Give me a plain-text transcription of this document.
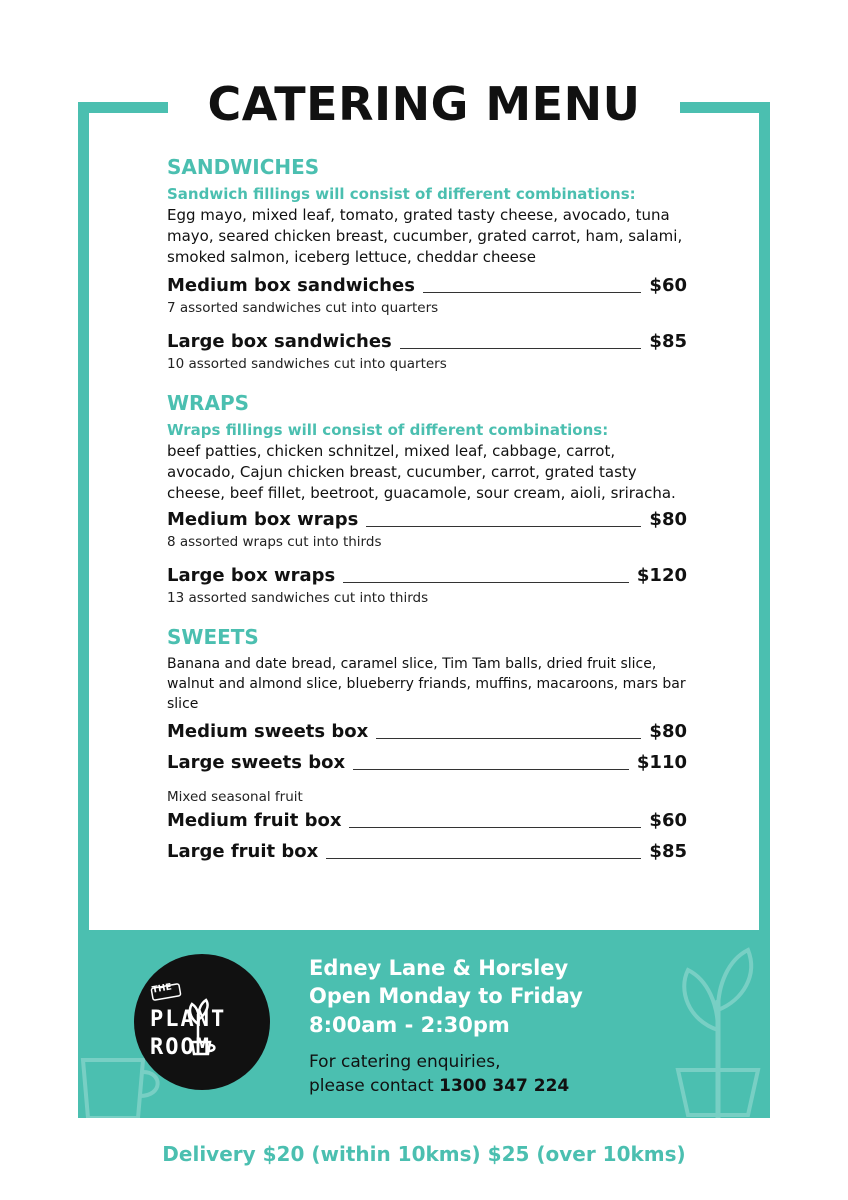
CATERING MENU

SANDWICHES

Sandwich fillings will consist of different combinations:

Egg mayo, mixed leaf, tomato, grated tasty cheese, avocado, tuna mayo, seared chicken breast, cucumber, grated carrot, ham, salami, smoked salmon, iceberg lettuce, cheddar cheese

Medium box sandwiches	$60

7 assorted sandwiches cut into quarters

Large box sandwiches	$85

10 assorted sandwiches cut into quarters

WRAPS

Wraps fillings will consist of different combinations:

beef patties, chicken schnitzel, mixed leaf, cabbage, carrot, avocado, Cajun chicken breast, cucumber, carrot, grated tasty cheese, beef fillet, beetroot, guacamole, sour cream, aioli, sriracha.

Medium box wraps	$80

8 assorted wraps cut into thirds

Large box wraps	$120

13 assorted sandwiches cut into thirds

SWEETS

Banana and date bread, caramel slice, Tim Tam balls, dried fruit slice, walnut and almond slice, blueberry friands, muffins, macaroons, mars bar slice

Medium sweets box	$80
Large sweets box	$110

Mixed seasonal fruit

Medium fruit box	$60
Large fruit box	$85
THE
PLANT
ROOM

Edney Lane & Horsley

Open Monday to Friday

8:00am - 2:30pm

For catering enquiries,

please contact 1300 347 224

Delivery $20 (within 10kms) $25 (over 10kms)
